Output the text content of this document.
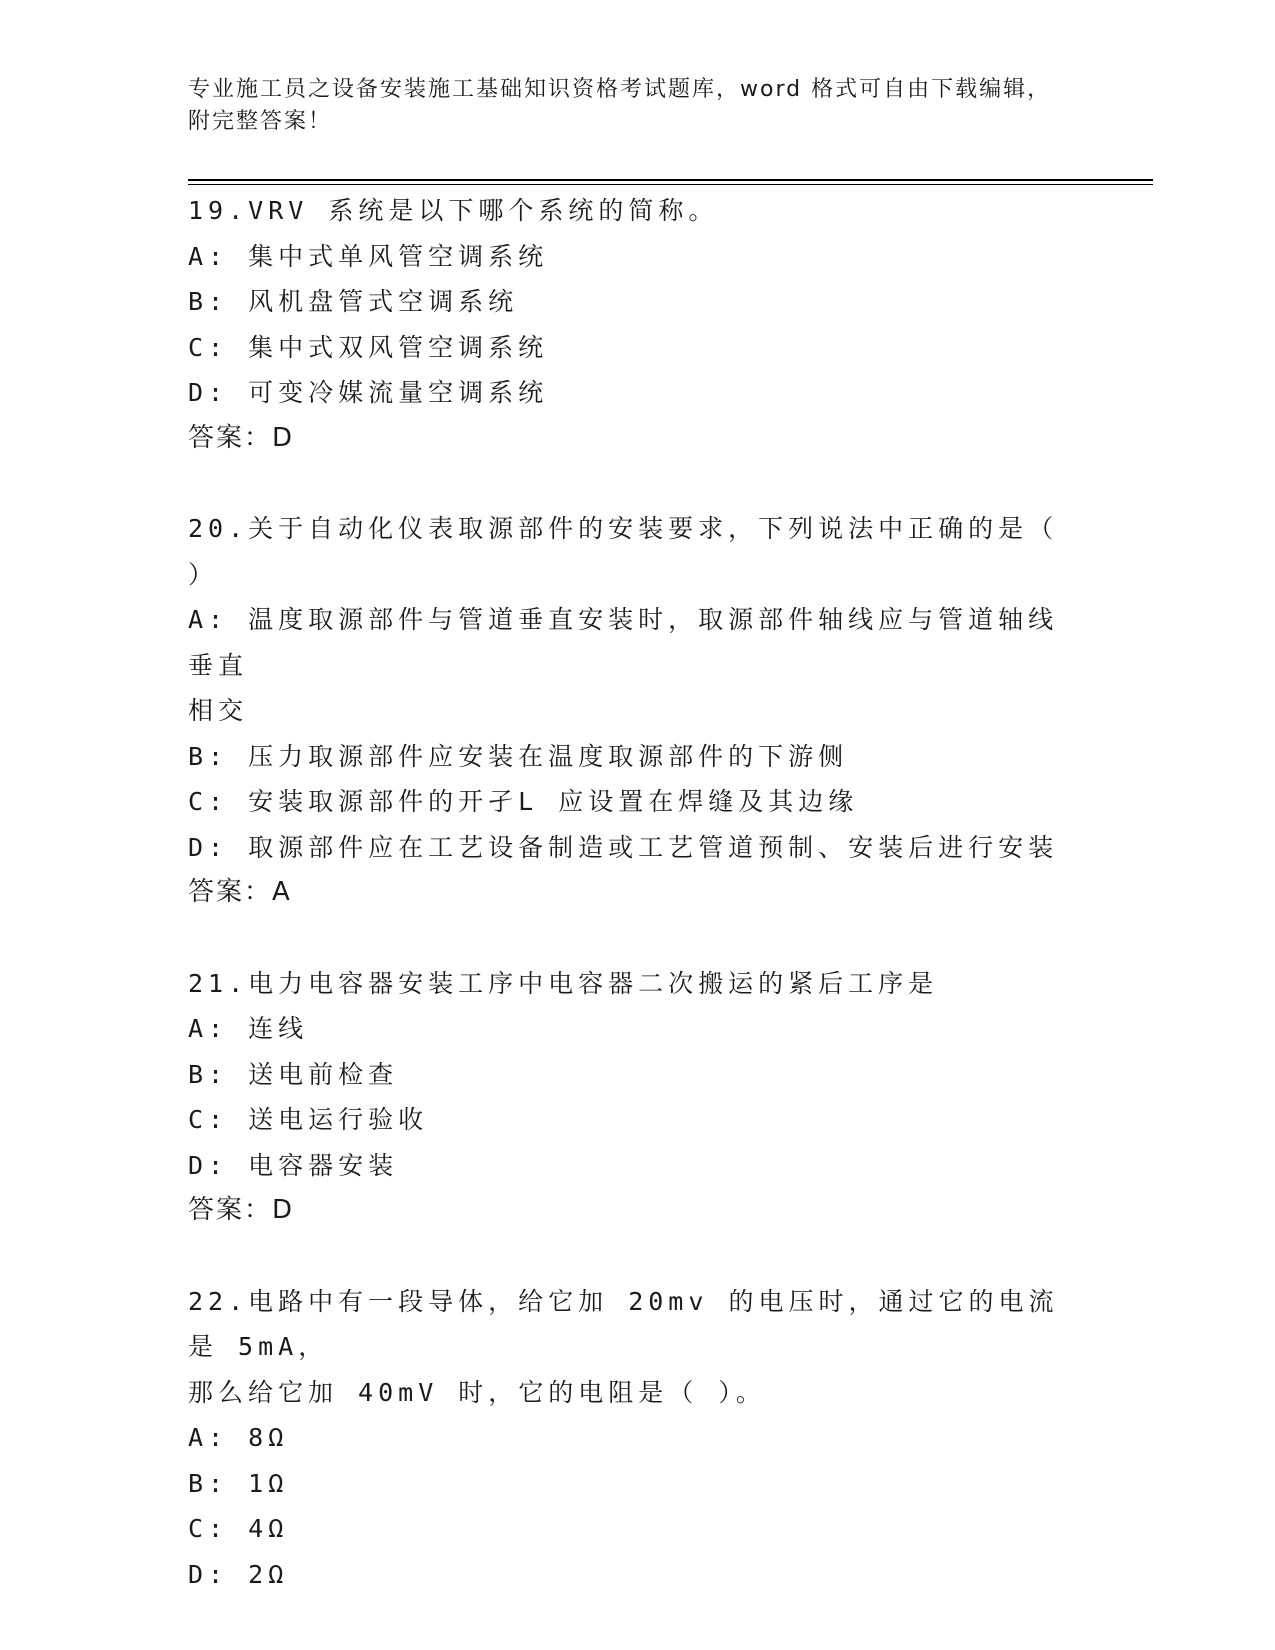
专业施工员之设备安装施工基础知识资格考试题库，word 格式可自由下载编辑，
附完整答案！
19.VRV 系统是以下哪个系统的简称。
A: 集中式单风管空调系统
B: 风机盘管式空调系统
C: 集中式双风管空调系统
D: 可变冷媒流量空调系统
答案：D
20.关于自动化仪表取源部件的安装要求，下列说法中正确的是（ ）
A: 温度取源部件与管道垂直安装时，取源部件轴线应与管道轴线垂直
相交
B: 压力取源部件应安装在温度取源部件的下游侧
C: 安装取源部件的开孑L 应设置在焊缝及其边缘
D: 取源部件应在工艺设备制造或工艺管道预制、安装后进行安装
答案：A
21.电力电容器安装工序中电容器二次搬运的紧后工序是
A: 连线
B: 送电前检查
C: 送电运行验收
D: 电容器安装
答案：D
22.电路中有一段导体，给它加 20mv 的电压时，通过它的电流是 5mA，
那么给它加 40mV 时，它的电阻是（ ）。
A: 8Ω
B: 1Ω
C: 4Ω
D: 2Ω
